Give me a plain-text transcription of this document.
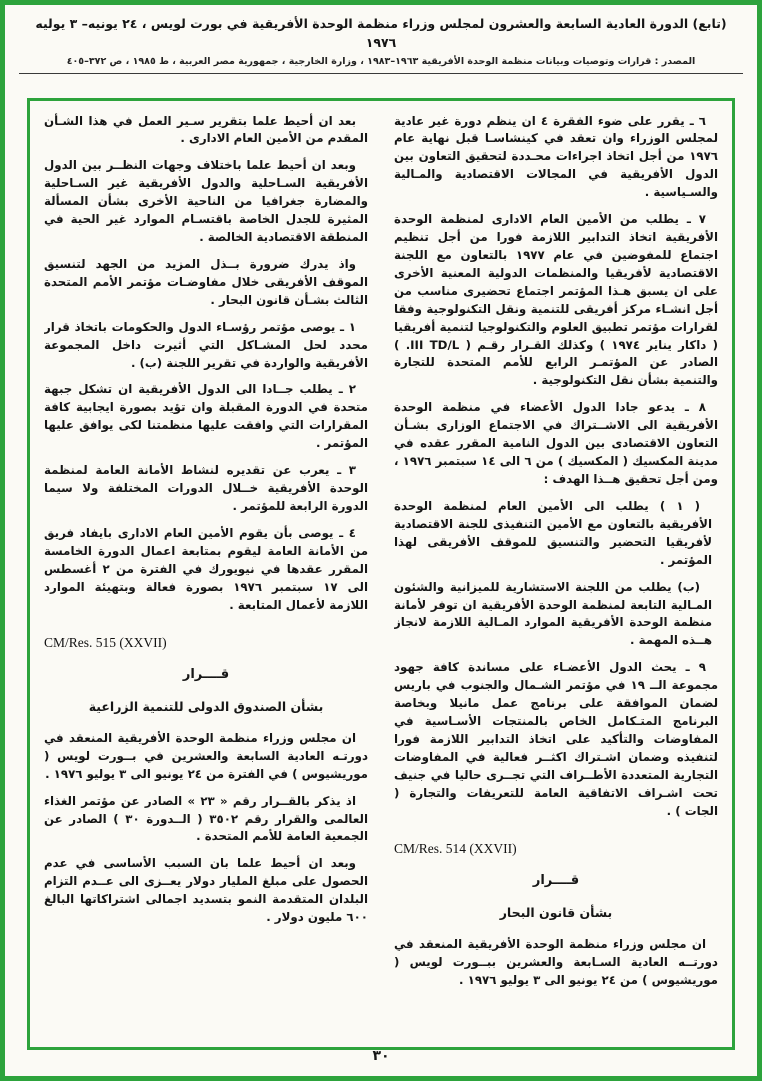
(تابع) الدورة العادية السابعة والعشرون لمجلس وزراء منظمة الوحدة الأفريقية في بورت لويس ، ٢٤ يونيه– ٣ يوليه ١٩٧٦
المصدر : قرارات وتوصيات وبيانات منظمة الوحدة الأفريقية ١٩٦٣–١٩٨٣ ، وزارة الخارجية ، جمهورية مصر العربية ، ط ١٩٨٥ ، ص ٣٧٢–٤٠٥

٦ ـ يقرر على ضوء الفقرة ٤ ان ينظم دورة غير عادية لمجلس الوزراء وان تعقد في كينشاسـا قبل نهاية عام ١٩٧٦ من أجل اتخاذ اجراءات محـددة لتحقيق التعاون بين الدول الأفريقية في المجالات الاقتصادية والمـالية والسـياسية .

٧ ـ يطلب من الأمين العام الادارى لمنظمة الوحدة الأفريقية اتخاذ التدابير اللازمة فورا من أجل تنظيم اجتماع للمفوضين في عام ١٩٧٧ بالتعاون مع اللجنة الاقتصادية لأفريقيا والمنظمات الدولية المعنية الأخرى على ان يسبق هـذا المؤتمر اجتماع تحضيرى مناسب من أجل انشـاء مركز أفريقى للتنمية ونقل التكنولوجية وفقا لقرارات مؤتمر تطبيق العلوم والتكنولوجيا لتنمية أفريقيا ( داكار يناير ١٩٧٤ ) وكذلك القـرار رقـم ( III TD/L. ) الصادر عن المؤتمـر الرابع للأمم المتحدة للتجارة والتنمية بشأن نقل التكنولوجية .

٨ ـ يدعو جادا الدول الأعضاء في منظمة الوحدة الأفريقية الى الاشــتراك في الاجتماع الوزارى بشـأن التعاون الاقتصادى بين الدول النامية المقرر عقده في مدينة المكسيك ( المكسيك ) من ٦ الى ١٤ سبتمبر ١٩٧٦ ، ومن أجل تحقيق هــذا الهدف :

( ١ ) يطلب الى الأمين العام لمنظمة الوحدة الأفريقية بالتعاون مع الأمين التنفيذى للجنة الاقتصادية لأفريقيا التحضير والتنسيق للموقف الأفريقى لهذا المؤتمر .

(ب) يطلب من اللجنة الاستشارية للميزانية والشئون المـالية التابعة لمنظمة الوحدة الأفريقية ان توفر لأمانة منظمة الوحدة الأفريقية الموارد المـالية اللازمة لانجاز هــذه المهمة .

٩ ـ يحث الدول الأعضـاء على مساندة كافة جهود مجموعة الــ ١٩ في مؤتمر الشـمال والجنوب في باريس لضمان الموافقة على برنامج عمل مانيلا وبخاصة البرنامج المتـكامل الخاص بالمنتجات الأسـاسية في المفاوضات والتأكيد على اتخاذ التدابير اللازمة فورا لتنفيذه وضمان اشـتراك اكثــر فعالية في المفاوضات التجارية المتعددة الأطــراف التي تجــرى حاليا في جنيف تحت اشـراف الاتفاقية العامة للتعريفات والتجارة ( الجات ) .

CM/Res. 514 (XXVII)
قــــرار
بشأن قانون البحار

ان مجلس وزراء منظمة الوحدة الأفريقية المنعقد في دورتــه العادية السـابعة والعشرين ببــورت لويس ( موريشيوس ) من ٢٤ يونيو الى ٣ يوليو ١٩٧٦ .

بعد ان أحيط علما بتقرير سـير العمل في هذا الشـأن المقدم من الأمين العام الادارى .

وبعد ان أحيط علما باختلاف وجهات النظــر بين الدول الأفريقية السـاحلية والدول الأفريقية غير السـاحلية والمضارة جغرافيا من الناحية الأخرى بشأن المسألة المثيرة للجدل الخاصة باقتسـام الموارد غير الحية في المنطقة الاقتصادية الخالصة .

واذ يدرك ضرورة بــذل المزيد من الجهد لتنسيق الموقف الأفريقى خلال مفاوضـات مؤتمر الأمم المتحدة الثالث بشـأن قانون البحار .

١ ـ يوصى مؤتمر رؤسـاء الدول والحكومات باتخاذ قرار محدد لحل المشـاكل التي أثيرت داخل المجموعة الأفريقية والواردة في تقرير اللجنة (ب) .

٢ ـ يطلب جــادا الى الدول الأفريقية ان تشكل جبهة متحدة في الدورة المقبلة وان تؤيد بصورة ايجابية كافة المقرارات التي وافقت عليها منظمتنا لكى يوافق عليها المؤتمر .

٣ ـ يعرب عن تقديره لنشاط الأمانة العامة لمنظمة الوحدة الأفريقية خــلال الدورات المختلفة ولا سيما الدورة الرابعة للمؤتمر .

٤ ـ يوصى بأن يقوم الأمين العام الادارى بايفاد فريق من الأمانة العامة ليقوم بمتابعة اعمال الدورة الخامسة المقرر عقدها في نيويورك في الفترة من ٢ أغسطس الى ١٧ سبتمبر ١٩٧٦ بصورة فعالة وبتهيئة الموارد اللازمة لأعمال المتابعة .

CM/Res. 515 (XXVII)
قــــرار
بشأن الصندوق الدولى للتنمية الزراعية

ان مجلس وزراء منظمة الوحدة الأفريقية المنعقد في دورتـه العادية السابعة والعشرين في بــورت لويس ( موريشيوس ) في الفترة من ٢٤ يونيو الى ٣ يوليو ١٩٧٦ .

اذ يذكر بالقــرار رقم « ٢٣ » الصادر عن مؤتمر الغذاء العالمى والقرار رقم ٣٥٠٢ ( الــدورة ٣٠ ) الصادر عن الجمعية العامة للأمم المتحدة .

وبعد ان أحيط علما بان السبب الأساسى في عدم الحصول على مبلغ المليار دولار يعــزى الى عــدم التزام البلدان المتقدمة النمو بتسديد اجمالى اشتراكاتها البالغ ٦٠٠ مليون دولار .

٣٠
